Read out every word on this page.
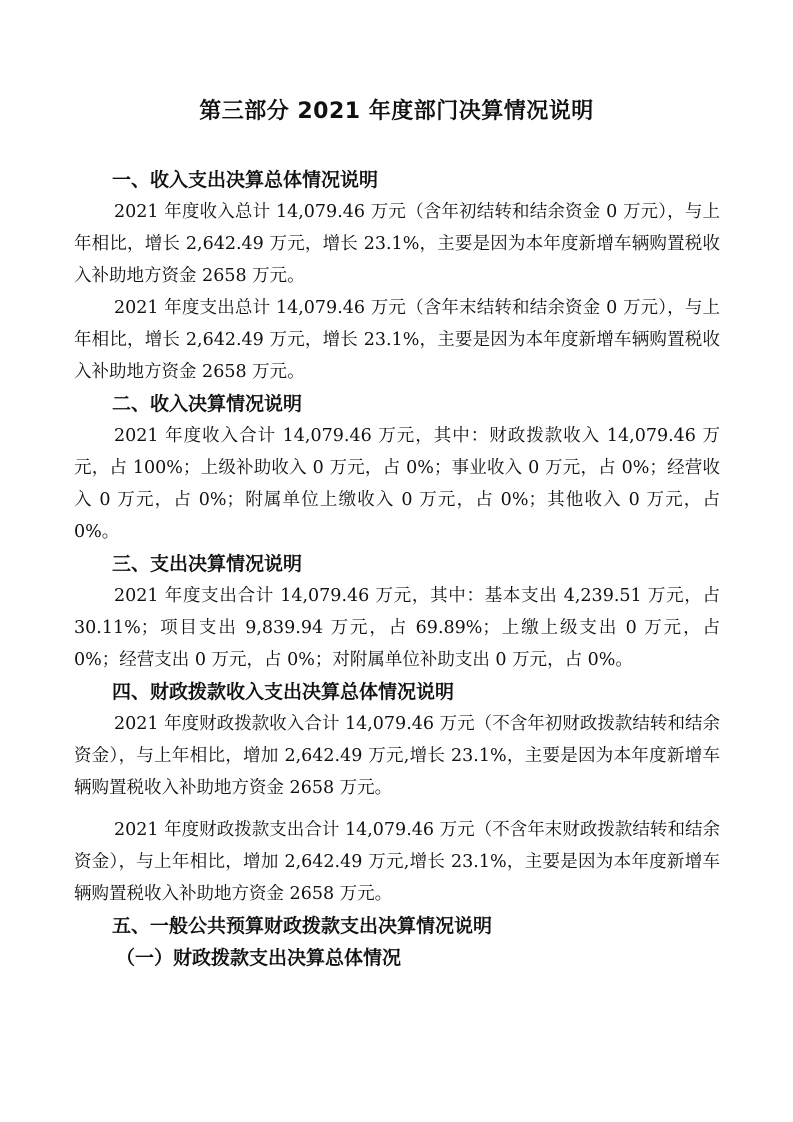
第三部分 2021 年度部门决算情况说明
一、收入支出决算总体情况说明

2021 年度收入总计 14,079.46 万元（含年初结转和结余资金 0 万元），与上年相比，增长 2,642.49 万元，增长 23.1%，主要是因为本年度新增车辆购置税收入补助地方资金 2658 万元。

2021 年度支出总计 14,079.46 万元（含年末结转和结余资金 0 万元），与上年相比，增长 2,642.49 万元，增长 23.1%，主要是因为本年度新增车辆购置税收入补助地方资金 2658 万元。

二、收入决算情况说明

2021 年度收入合计 14,079.46 万元，其中：财政拨款收入 14,079.46 万元，占 100%；上级补助收入 0 万元，占 0%；事业收入 0 万元，占 0%；经营收入 0 万元，占 0%；附属单位上缴收入 0 万元，占 0%；其他收入 0 万元，占 0%。

三、支出决算情况说明

2021 年度支出合计 14,079.46 万元，其中：基本支出 4,239.51 万元，占 30.11%；项目支出 9,839.94 万元，占 69.89%；上缴上级支出 0 万元，占 0%；经营支出 0 万元，占 0%；对附属单位补助支出 0 万元，占 0%。

四、财政拨款收入支出决算总体情况说明

2021 年度财政拨款收入合计 14,079.46 万元（不含年初财政拨款结转和结余资金），与上年相比，增加 2,642.49 万元,增长 23.1%，主要是因为本年度新增车辆购置税收入补助地方资金 2658 万元。

2021 年度财政拨款支出合计 14,079.46 万元（不含年末财政拨款结转和结余资金），与上年相比，增加 2,642.49 万元,增长 23.1%，主要是因为本年度新增车辆购置税收入补助地方资金 2658 万元。

五、一般公共预算财政拨款支出决算情况说明
（一）财政拨款支出决算总体情况
